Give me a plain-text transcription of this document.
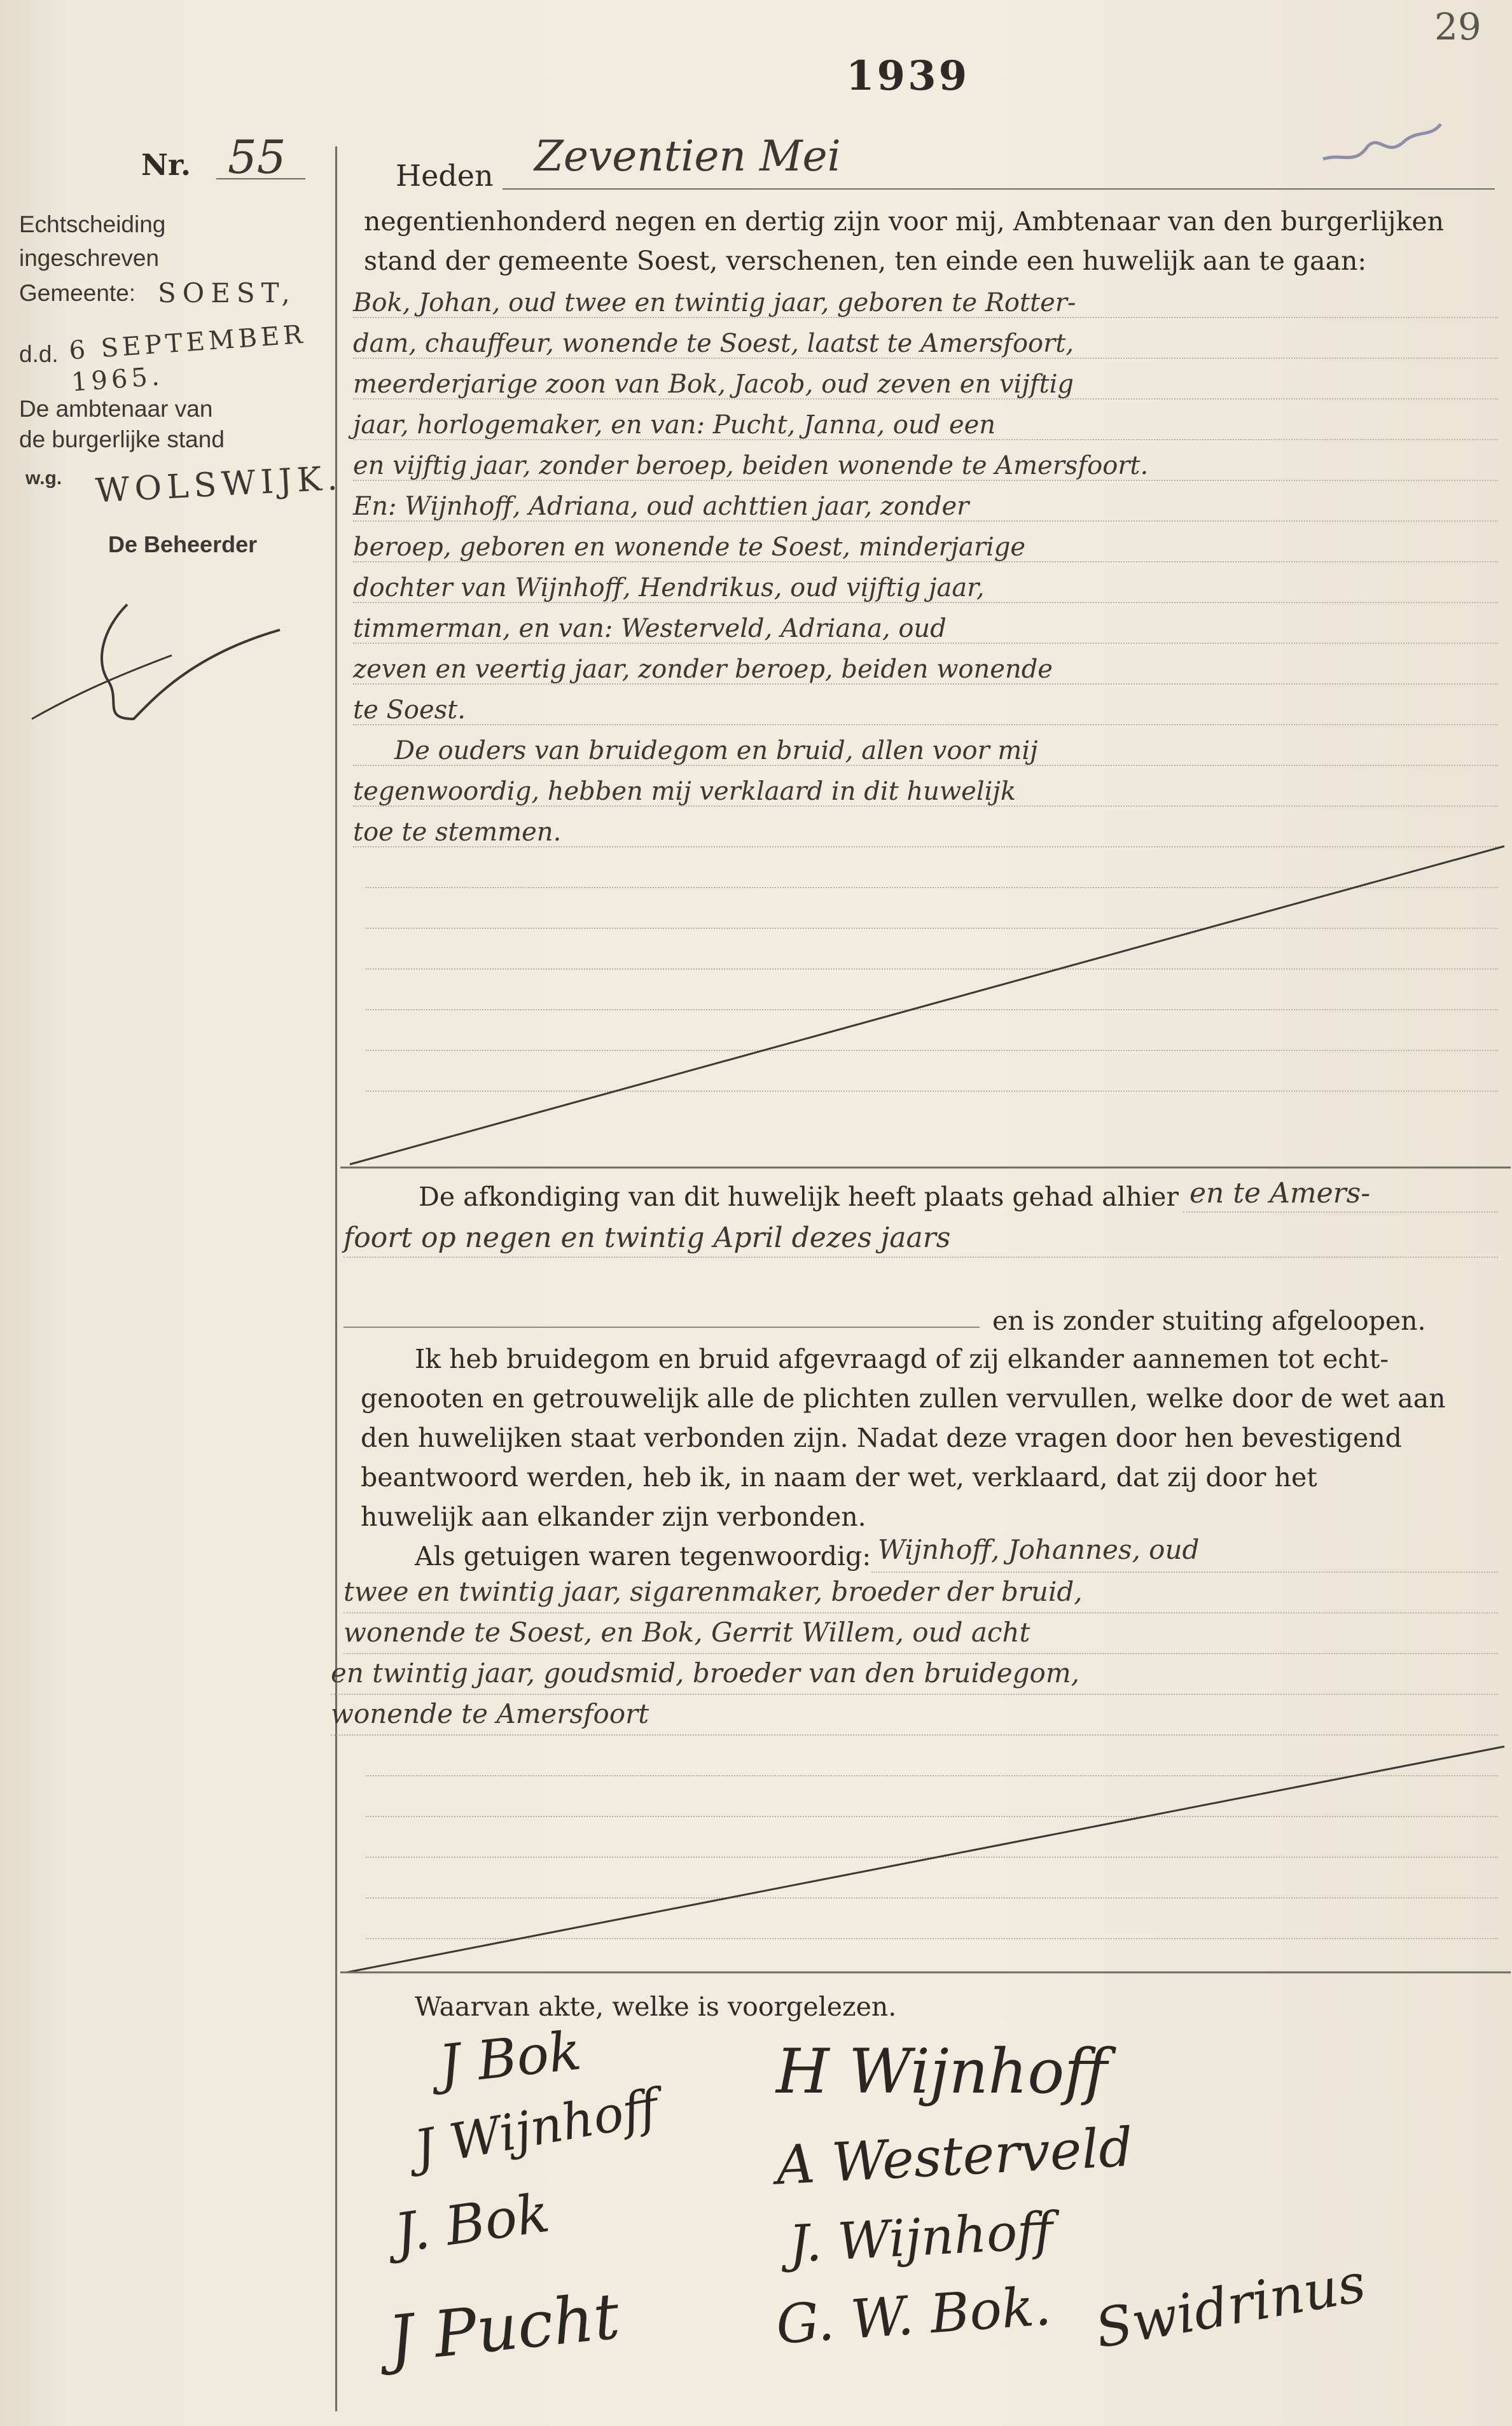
29
1939
Nr. 55
Echtscheiding
ingeschreven
Gemeente: SOEST,
d.d. 6 SEPTEMBER 1965.
De ambtenaar van
de burgerlijke stand
w.g. WOLSWIJK.
De Beheerder
Heden Zeventien Mei
negentienhonderd negen en dertig zijn voor mij, Ambtenaar van den burgerlijken
stand der gemeente Soest, verschenen, ten einde een huwelijk aan te gaan:
Bok, Johan, oud twee en twintig jaar, geboren te Rotter-
dam, chauffeur, wonende te Soest, laatst te Amersfoort,
meerderjarige zoon van Bok, Jacob, oud zeven en vijftig
jaar, horlogemaker, en van: Pucht, Janna, oud een
en vijftig jaar, zonder beroep, beiden wonende te Amersfoort.
En: Wijnhoff, Adriana, oud achttien jaar, zonder
beroep, geboren en wonende te Soest, minderjarige
dochter van Wijnhoff, Hendrikus, oud vijftig jaar,
timmerman, en van: Westerveld, Adriana, oud
zeven en veertig jaar, zonder beroep, beiden wonende
te Soest.
De ouders van bruidegom en bruid, allen voor mij
tegenwoordig, hebben mij verklaard in dit huwelijk
toe te stemmen.
De afkondiging van dit huwelijk heeft plaats gehad alhier en te Amers-
foort op negen en twintig April dezes jaars
en is zonder stuiting afgeloopen.
Ik heb bruidegom en bruid afgevraagd of zij elkander aannemen tot echt-
genooten en getrouwelijk alle de plichten zullen vervullen, welke door de wet aan
den huwelijken staat verbonden zijn. Nadat deze vragen door hen bevestigend
beantwoord werden, heb ik, in naam der wet, verklaard, dat zij door het
huwelijk aan elkander zijn verbonden.
Als getuigen waren tegenwoordig: Wijnhoff, Johannes, oud
twee en twintig jaar, sigarenmaker, broeder der bruid,
wonende te Soest, en Bok, Gerrit Willem, oud acht
en twintig jaar, goudsmid, broeder van den bruidegom,
wonende te Amersfoort
Waarvan akte, welke is voorgelezen.
J Bok
J Wijnhoff
J. Bok
J Pucht
H Wijnhoff
A Westerveld
J. Wijnhoff
G. W. Bok. Swidrinus
